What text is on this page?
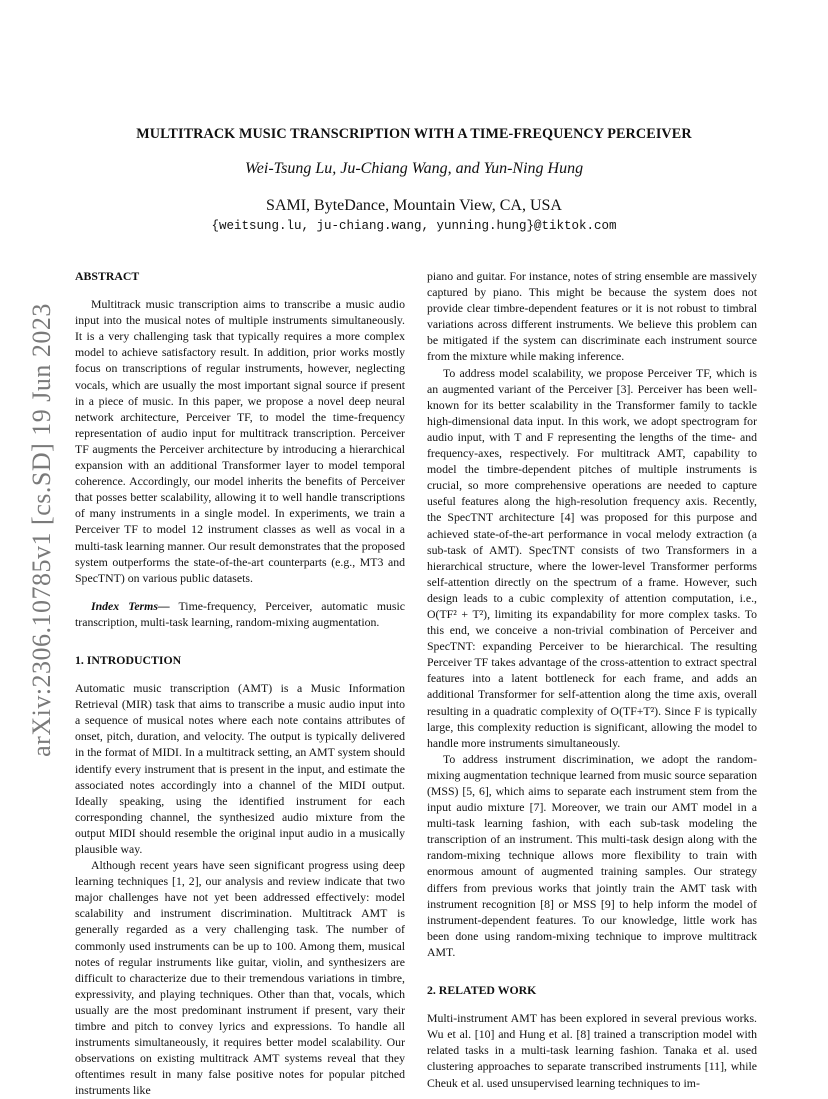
arXiv:2306.10785v1 [cs.SD] 19 Jun 2023
MULTITRACK MUSIC TRANSCRIPTION WITH A TIME-FREQUENCY PERCEIVER
Wei-Tsung Lu, Ju-Chiang Wang, and Yun-Ning Hung
SAMI, ByteDance, Mountain View, CA, USA
{weitsung.lu, ju-chiang.wang, yunning.hung}@tiktok.com

ABSTRACT

Multitrack music transcription aims to transcribe a music audio input into the musical notes of multiple instruments simultaneously. It is a very challenging task that typically requires a more complex model to achieve satisfactory result. In addition, prior works mostly focus on transcriptions of regular instruments, however, neglecting vocals, which are usually the most important signal source if present in a piece of music. In this paper, we propose a novel deep neural network architecture, Perceiver TF, to model the time-frequency representation of audio input for multitrack transcription. Perceiver TF augments the Perceiver architecture by introducing a hierarchical expansion with an additional Transformer layer to model temporal coherence. Accordingly, our model inherits the benefits of Perceiver that posses better scalability, allowing it to well handle transcriptions of many instruments in a single model. In experiments, we train a Perceiver TF to model 12 instrument classes as well as vocal in a multi-task learning manner. Our result demonstrates that the proposed system outperforms the state-of-the-art counterparts (e.g., MT3 and SpecTNT) on various public datasets.

Index Terms— Time-frequency, Perceiver, automatic music transcription, multi-task learning, random-mixing augmentation.

1. INTRODUCTION

Automatic music transcription (AMT) is a Music Information Retrieval (MIR) task that aims to transcribe a music audio input into a sequence of musical notes where each note contains attributes of onset, pitch, duration, and velocity. The output is typically delivered in the format of MIDI. In a multitrack setting, an AMT system should identify every instrument that is present in the input, and estimate the associated notes accordingly into a channel of the MIDI output. Ideally speaking, using the identified instrument for each corresponding channel, the synthesized audio mixture from the output MIDI should resemble the original input audio in a musically plausible way.

Although recent years have seen significant progress using deep learning techniques [1, 2], our analysis and review indicate that two major challenges have not yet been addressed effectively: model scalability and instrument discrimination. Multitrack AMT is generally regarded as a very challenging task. The number of commonly used instruments can be up to 100. Among them, musical notes of regular instruments like guitar, violin, and synthesizers are difficult to characterize due to their tremendous variations in timbre, expressivity, and playing techniques. Other than that, vocals, which usually are the most predominant instrument if present, vary their timbre and pitch to convey lyrics and expressions. To handle all instruments simultaneously, it requires better model scalability. Our observations on existing multitrack AMT systems reveal that they oftentimes result in many false positive notes for popular pitched instruments like

piano and guitar. For instance, notes of string ensemble are massively captured by piano. This might be because the system does not provide clear timbre-dependent features or it is not robust to timbral variations across different instruments. We believe this problem can be mitigated if the system can discriminate each instrument source from the mixture while making inference.

To address model scalability, we propose Perceiver TF, which is an augmented variant of the Perceiver [3]. Perceiver has been well-known for its better scalability in the Transformer family to tackle high-dimensional data input. In this work, we adopt spectrogram for audio input, with T and F representing the lengths of the time- and frequency-axes, respectively. For multitrack AMT, capability to model the timbre-dependent pitches of multiple instruments is crucial, so more comprehensive operations are needed to capture useful features along the high-resolution frequency axis. Recently, the SpecTNT architecture [4] was proposed for this purpose and achieved state-of-the-art performance in vocal melody extraction (a sub-task of AMT). SpecTNT consists of two Transformers in a hierarchical structure, where the lower-level Transformer performs self-attention directly on the spectrum of a frame. However, such design leads to a cubic complexity of attention computation, i.e., O(TF² + T²), limiting its expandability for more complex tasks. To this end, we conceive a non-trivial combination of Perceiver and SpecTNT: expanding Perceiver to be hierarchical. The resulting Perceiver TF takes advantage of the cross-attention to extract spectral features into a latent bottleneck for each frame, and adds an additional Transformer for self-attention along the time axis, overall resulting in a quadratic complexity of O(TF+T²). Since F is typically large, this complexity reduction is significant, allowing the model to handle more instruments simultaneously.

To address instrument discrimination, we adopt the random-mixing augmentation technique learned from music source separation (MSS) [5, 6], which aims to separate each instrument stem from the input audio mixture [7]. Moreover, we train our AMT model in a multi-task learning fashion, with each sub-task modeling the transcription of an instrument. This multi-task design along with the random-mixing technique allows more flexibility to train with enormous amount of augmented training samples. Our strategy differs from previous works that jointly train the AMT task with instrument recognition [8] or MSS [9] to help inform the model of instrument-dependent features. To our knowledge, little work has been done using random-mixing technique to improve multitrack AMT.

2. RELATED WORK

Multi-instrument AMT has been explored in several previous works. Wu et al. [10] and Hung et al. [8] trained a transcription model with related tasks in a multi-task learning fashion. Tanaka et al. used clustering approaches to separate transcribed instruments [11], while Cheuk et al. used unsupervised learning techniques to im-
